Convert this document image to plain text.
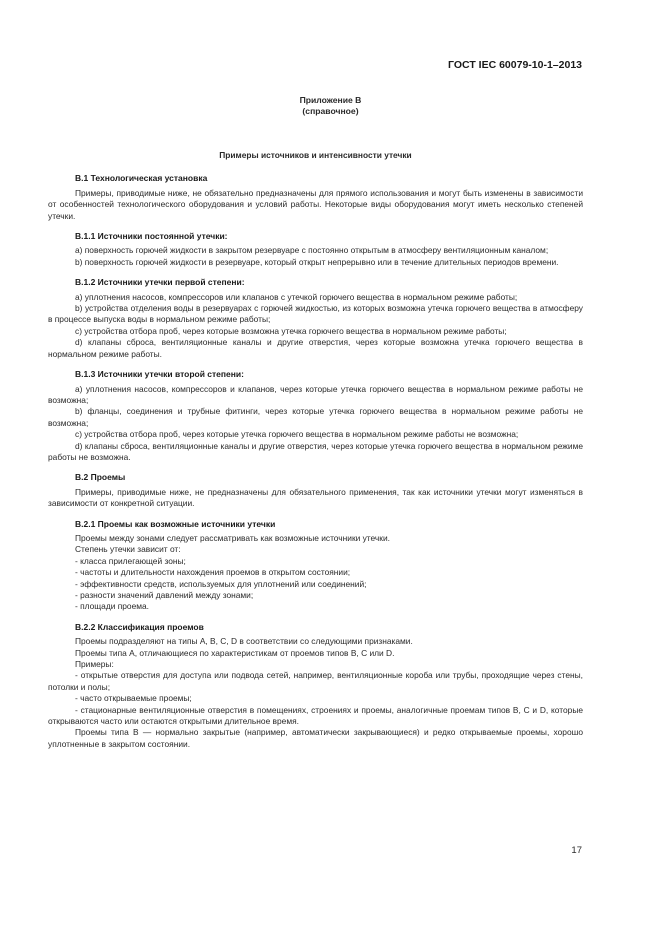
ГОСТ IEC 60079-10-1–2013
Приложение В
(справочное)
Примеры источников и интенсивности утечки
В.1 Технологическая установка

Примеры, приводимые ниже, не обязательно предназначены для прямого использования и могут быть изменены в зависимости от особенностей технологического оборудования и условий работы. Некоторые виды оборудования могут иметь несколько степеней утечки.

В.1.1 Источники постоянной утечки:

a) поверхность горючей жидкости в закрытом резервуаре с постоянно открытым в атмосферу вентиляционным каналом;

b) поверхность горючей жидкости в резервуаре, который открыт непрерывно или в течение длительных периодов времени.

В.1.2 Источники утечки первой степени:

a) уплотнения насосов, компрессоров или клапанов с утечкой горючего вещества в нормальном режиме работы;

b) устройства отделения воды в резервуарах с горючей жидкостью, из которых возможна утечка горючего вещества в атмосферу в процессе выпуска воды в нормальном режиме работы;

c) устройства отбора проб, через которые возможна утечка горючего вещества в нормальном режиме работы;

d) клапаны сброса, вентиляционные каналы и другие отверстия, через которые возможна утечка горючего вещества в нормальном режиме работы.

В.1.3 Источники утечки второй степени:

a) уплотнения насосов, компрессоров и клапанов, через которые утечка горючего вещества в нормальном режиме работы не возможна;

b) фланцы, соединения и трубные фитинги, через которые утечка горючего вещества в нормальном режиме работы не возможна;

c) устройства отбора проб, через которые утечка горючего вещества в нормальном режиме работы не возможна;

d) клапаны сброса, вентиляционные каналы и другие отверстия, через которые утечка горючего вещества в нормальном режиме работы не возможна.

В.2 Проемы

Примеры, приводимые ниже, не предназначены для обязательного применения, так как источники утечки могут изменяться в зависимости от конкретной ситуации.

В.2.1 Проемы как возможные источники утечки

Проемы между зонами следует рассматривать как возможные источники утечки.

Степень утечки зависит от:

- класса прилегающей зоны;

- частоты и длительности нахождения проемов в открытом состоянии;

- эффективности средств, используемых для уплотнений или соединений;

- разности значений давлений между зонами;

- площади проема.

В.2.2 Классификация проемов

Проемы подразделяют на типы А, В, С, D в соответствии со следующими признаками.

Проемы типа А, отличающиеся по характеристикам от проемов типов В, С или D.

Примеры:

- открытые отверстия для доступа или подвода сетей, например, вентиляционные короба или трубы, проходящие через стены, потолки и полы;

- часто открываемые проемы;

- стационарные вентиляционные отверстия в помещениях, строениях и проемы, аналогичные проемам типов В, С и D, которые открываются часто или остаются открытыми длительное время.

Проемы типа В — нормально закрытые (например, автоматически закрывающиеся) и редко открываемые проемы, хорошо уплотненные в закрытом состоянии.

17
